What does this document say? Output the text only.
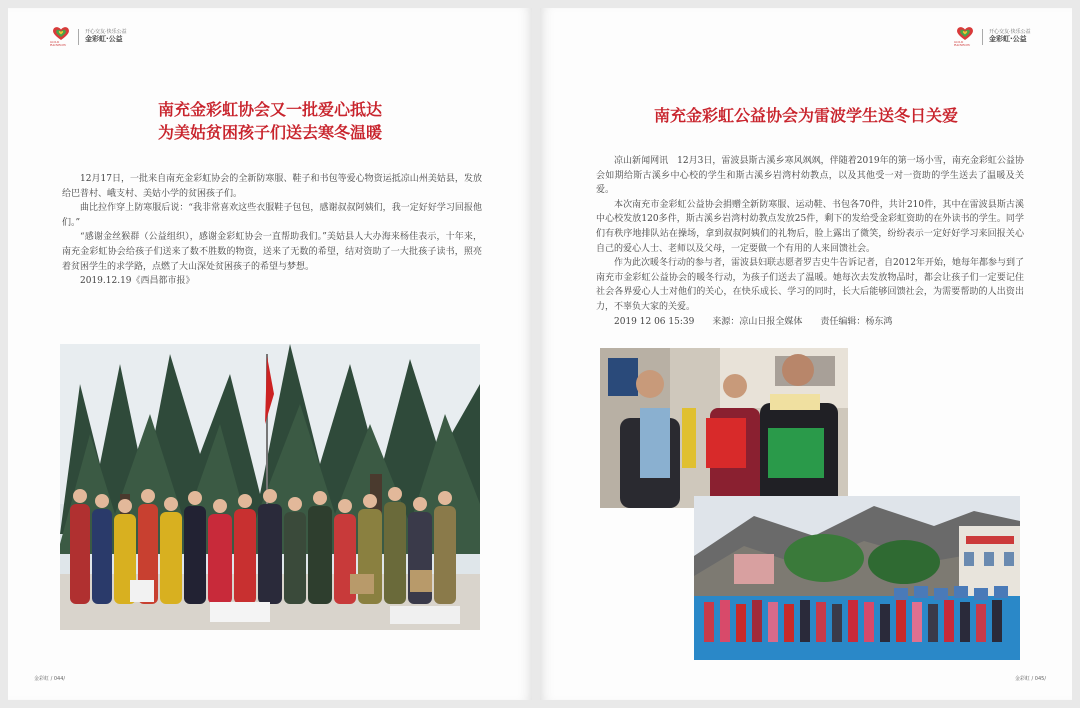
GOLD RAINBOW
开心交友·快乐公益
金彩虹·公益
南充金彩虹协会又一批爱心抵达
为美姑贫困孩子们送去寒冬温暖

12月17日，一批来自南充金彩虹协会的全新防寒服、鞋子和书包等爱心物资运抵凉山州美姑县，发放给巴普村、峨支村、美姑小学的贫困孩子们。

曲比拉作穿上防寒服后说：“我非常喜欢这些衣服鞋子包包，感谢叔叔阿姨们，我一定好好学习回报他们。”

“感谢金丝猴群（公益组织），感谢金彩虹协会一直帮助我们。”美姑县人大办海来杨佳表示，十年来，南充金彩虹协会给孩子们送来了数不胜数的物资，送来了无数的希望，结对资助了一大批孩子读书，照亮着贫困学生的求学路，点燃了大山深处贫困孩子的希望与梦想。

2019.12.19《西昌都市报》

金彩虹 / 044/
GOLD RAINBOW
开心交友·快乐公益
金彩虹·公益
南充金彩虹公益协会为雷波学生送冬日关爱

凉山新闻网讯　12月3日，雷波县斯古溪乡寒风飒飒，伴随着2019年的第一场小雪，南充金彩虹公益协会如期给斯古溪乡中心校的学生和斯古溪乡岩湾村幼教点，以及其他受一对一资助的学生送去了温暖及关爱。

本次南充市金彩虹公益协会捐赠全新防寒服、运动鞋、书包各70件，共计210件，其中在雷波县斯古溪中心校发放120多件，斯古溪乡岩湾村幼教点发放25件，剩下的发给受金彩虹资助的在外读书的学生。同学们有秩序地排队站在操场，拿到叔叔阿姨们的礼物后，脸上露出了微笑，纷纷表示一定好好学习来回报关心自己的爱心人士、老师以及父母，一定要做一个有用的人来回馈社会。

作为此次暖冬行动的参与者，雷波县妇联志愿者罗吉史牛告诉记者，自2012年开始，她每年都参与到了南充市金彩虹公益协会的暖冬行动，为孩子们送去了温暖。她每次去发放物品时，都会让孩子们一定要记住社会各界爱心人士对他们的关心，在快乐成长、学习的同时，长大后能够回馈社会，为需要帮助的人出资出力，不辜负大家的关爱。

2019 12 06 15:39　　来源：凉山日报全媒体　　责任编辑：杨东鸿

金彩虹 / 045/
